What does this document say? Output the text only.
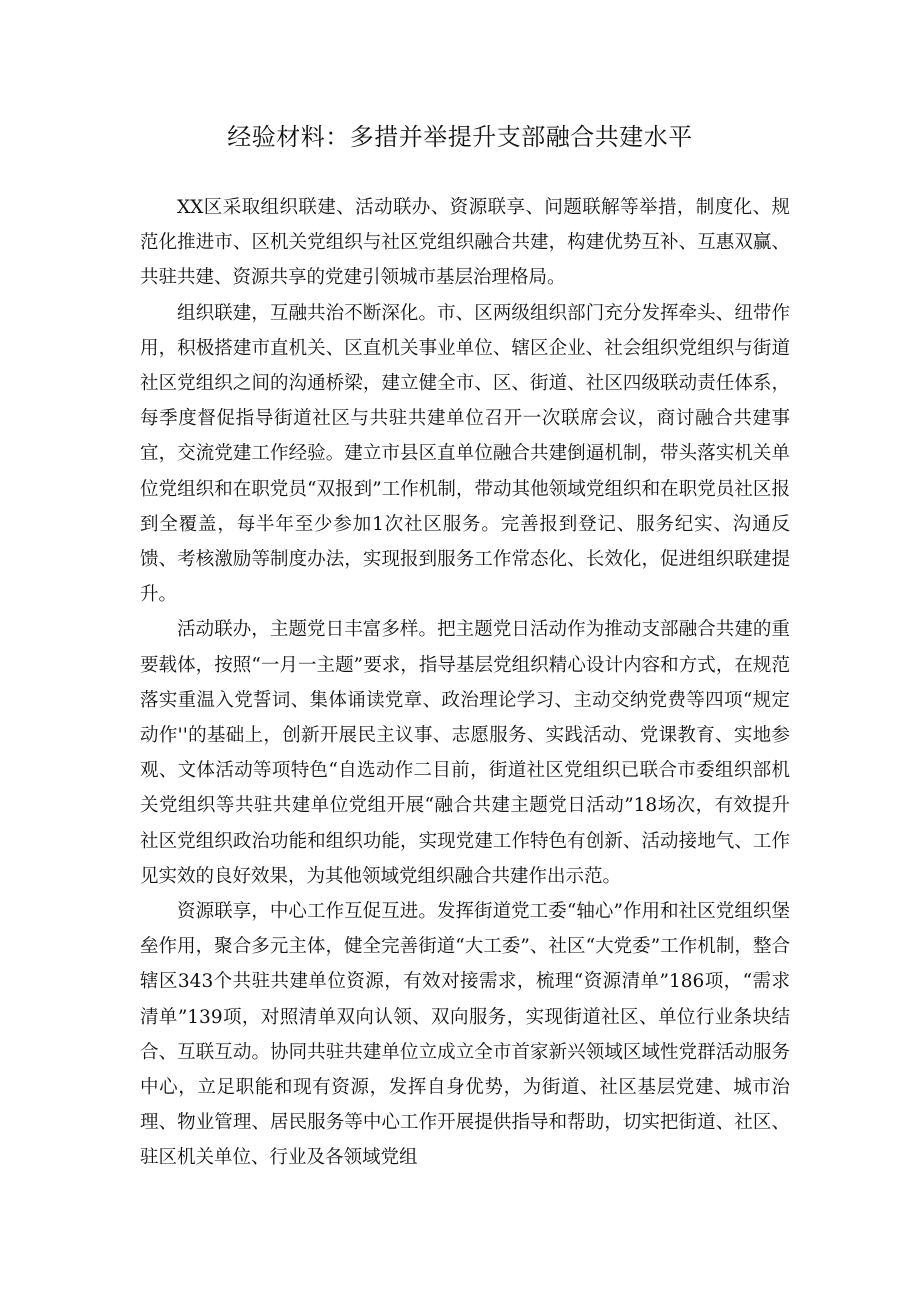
经验材料：多措并举提升支部融合共建水平

XX区采取组织联建、活动联办、资源联享、问题联解等举措，制度化、规范化推进市、区机关党组织与社区党组织融合共建，构建优势互补、互惠双赢、共驻共建、资源共享的党建引领城市基层治理格局。

组织联建，互融共治不断深化。市、区两级组织部门充分发挥牵头、纽带作用，积极搭建市直机关、区直机关事业单位、辖区企业、社会组织党组织与街道社区党组织之间的沟通桥梁，建立健全市、区、街道、社区四级联动责任体系，每季度督促指导街道社区与共驻共建单位召开一次联席会议，商讨融合共建事宜，交流党建工作经验。建立市县区直单位融合共建倒逼机制，带头落实机关单位党组织和在职党员“双报到”工作机制，带动其他领域党组织和在职党员社区报到全覆盖，每半年至少参加1次社区服务。完善报到登记、服务纪实、沟通反馈、考核激励等制度办法，实现报到服务工作常态化、长效化，促进组织联建提升。

活动联办，主题党日丰富多样。把主题党日活动作为推动支部融合共建的重要载体，按照“一月一主题”要求，指导基层党组织精心设计内容和方式，在规范落实重温入党誓词、集体诵读党章、政治理论学习、主动交纳党费等四项“规定动作''的基础上，创新开展民主议事、志愿服务、实践活动、党课教育、实地参观、文体活动等项特色“自选动作二目前，街道社区党组织已联合市委组织部机关党组织等共驻共建单位党组开展“融合共建主题党日活动”18场次，有效提升社区党组织政治功能和组织功能，实现党建工作特色有创新、活动接地气、工作见实效的良好效果，为其他领域党组织融合共建作出示范。

资源联享，中心工作互促互进。发挥街道党工委“轴心”作用和社区党组织堡垒作用，聚合多元主体，健全完善街道“大工委”、社区“大党委”工作机制，整合辖区343个共驻共建单位资源，有效对接需求，梳理“资源清单”186项，“需求清单”139项，对照清单双向认领、双向服务，实现街道社区、单位行业条块结合、互联互动。协同共驻共建单位立成立全市首家新兴领域区域性党群活动服务中心，立足职能和现有资源，发挥自身优势，为街道、社区基层党建、城市治理、物业管理、居民服务等中心工作开展提供指导和帮助，切实把街道、社区、驻区机关单位、行业及各领域党组
